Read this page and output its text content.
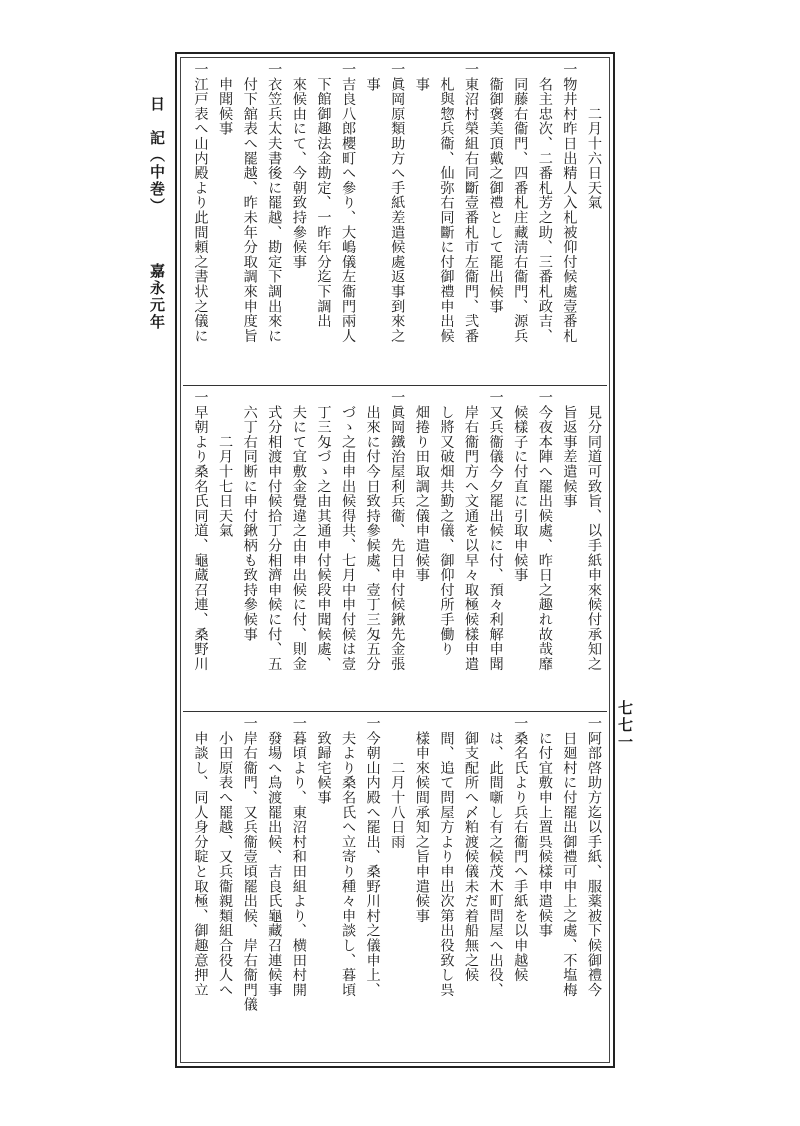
日　記（中巻）嘉永元年
七七一
　　　二月十六日天氣
一物井村昨日出精人入札被仰付候處壹番札
　名主忠次、二番札芳之助、三番札政吉、
　同藤右衞門、四番札庄藏淸右衞門、源兵
　衞御褒美頂戴之御禮として罷出候事
一東沼村榮組右同斷壹番札市左衞門、弐番
　札與惣兵衞、仙弥右同斷に付御禮申出候
　事
一眞岡原類助方へ手紙差遣候處返事到來之
　事
一吉良八郎櫻町へ參り、大嶋儀左衞門兩人
　下館御趣法金勘定、一昨年分迄下調出
　來候由にて、今朝致持參候事
一衣笠兵太夫書後に罷越、勘定下調出來に
　付下舘表へ罷越、昨未年分取調來申度旨
　申聞候事
一江戸表へ山内殿より此間頼之書状之儀に
　見分同道可致旨、以手紙申來候付承知之
　旨返事差遣候事
一今夜本陣へ罷出候處、昨日之趣れ故哉靡
　候樣子に付直に引取申候事
一又兵衞儀今夕罷出候に付、預々利解申聞
　岸右衞門方へ文通を以早々取極候樣申遣
　し將又破畑共勤之儀、御仰付所手働り
　畑捲り田取調之儀申遣候事
一眞岡鐵治屋利兵衞、先日申付候鍬先金張
　出來に付今日致持參候處、壹丁三匁五分
　づゝ之由申出候得共、七月中申付候は壹
　丁三匁づゝ之由其通申付候段申聞候處、
　夫にて宜敷金覺違之由申出候に付、則金
　式分相渡申付候拾丁分相濟申候に付、五
　六丁右同断に申付鍬柄も致持參候事
　　　二月十七日天氣
一早朝より桑名氏同道、龜蔵召連、桑野川
一阿部啓助方迄以手紙、服薬被下候御禮今
　日廻村に付罷出御禮可申上之處、不塩梅
　に付宜敷申上置呉候樣申遣候事
一桑名氏より兵右衞門へ手紙を以申越候
　は、此間噺し有之候茂木町問屋へ出役、
　御支配所へ〆粕渡候儀未だ着船無之候
　間、追て問屋方より申出次第出役致し呉
　樣申來候間承知之旨申遣候事
　　　二月十八日雨
一今朝山内殿へ罷出、桑野川村之儀申上、
　夫より桑名氏へ立寄り種々申談し、暮頃
　致歸宅候事
一暮頃より、東沼村和田組より、横田村開
　發場へ鳥渡罷出候、吉良氏龜藏召連候事
一岸右衞門、又兵衞壹頃罷出候、岸右衞門儀
　小田原表へ罷越、又兵衞親類組合役人へ
　申談し、同人身分聢と取極、御趣意押立
